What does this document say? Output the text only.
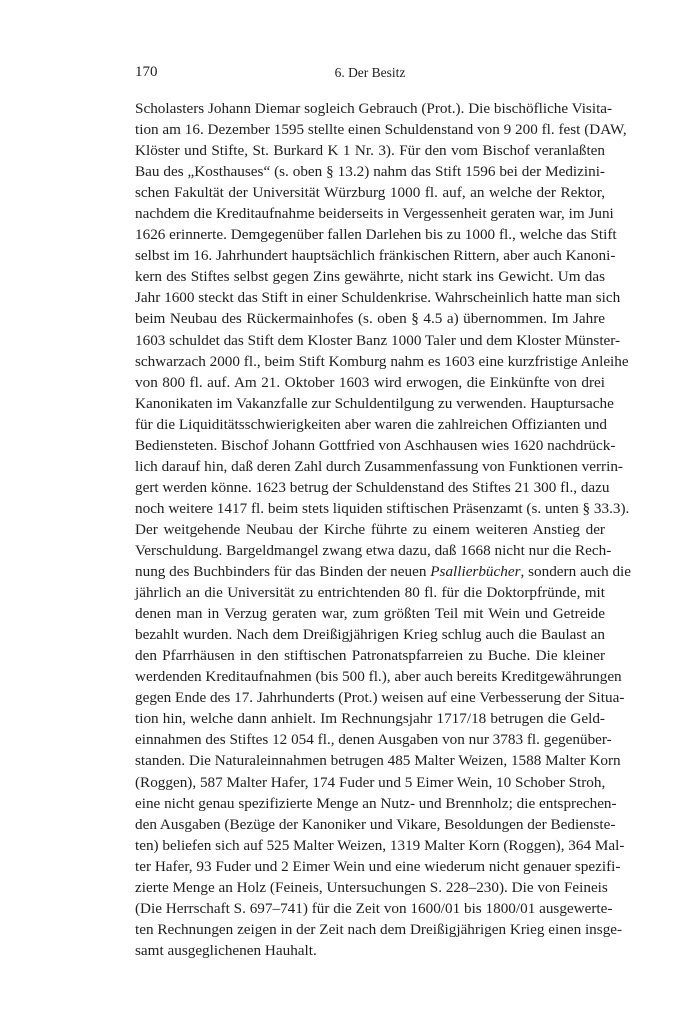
170	6. Der Besitz
Scholasters Johann Diemar sogleich Gebrauch (Prot.). Die bischöfliche Visita-
tion am 16. Dezember 1595 stellte einen Schuldenstand von 9 200 fl. fest (DAW,
Klöster und Stifte, St. Burkard K 1 Nr. 3). Für den vom Bischof veranlaßten
Bau des „Kosthauses“ (s. oben § 13.2) nahm das Stift 1596 bei der Medizini-
schen Fakultät der Universität Würzburg 1000 fl. auf, an welche der Rektor,
nachdem die Kreditaufnahme beiderseits in Vergessenheit geraten war, im Juni
1626 erinnerte. Demgegenüber fallen Darlehen bis zu 1000 fl., welche das Stift
selbst im 16. Jahrhundert hauptsächlich fränkischen Rittern, aber auch Kanoni-
kern des Stiftes selbst gegen Zins gewährte, nicht stark ins Gewicht. Um das
Jahr 1600 steckt das Stift in einer Schuldenkrise. Wahrscheinlich hatte man sich
beim Neubau des Rückermainhofes (s. oben § 4.5 a) übernommen. Im Jahre
1603 schuldet das Stift dem Kloster Banz 1000 Taler und dem Kloster Münster-
schwarzach 2000 fl., beim Stift Komburg nahm es 1603 eine kurzfristige Anleihe
von 800 fl. auf. Am 21. Oktober 1603 wird erwogen, die Einkünfte von drei
Kanonikaten im Vakanzfalle zur Schuldentilgung zu verwenden. Hauptursache
für die Liquiditätsschwierigkeiten aber waren die zahlreichen Offizianten und
Bediensteten. Bischof Johann Gottfried von Aschhausen wies 1620 nachdrück-
lich darauf hin, daß deren Zahl durch Zusammenfassung von Funktionen verrin-
gert werden könne. 1623 betrug der Schuldenstand des Stiftes 21 300 fl., dazu
noch weitere 1417 fl. beim stets liquiden stiftischen Präsenzamt (s. unten § 33.3).
Der weitgehende Neubau der Kirche führte zu einem weiteren Anstieg der
Verschuldung. Bargeldmangel zwang etwa dazu, daß 1668 nicht nur die Rech-
nung des Buchbinders für das Binden der neuen Psallierbücher, sondern auch die
jährlich an die Universität zu entrichtenden 80 fl. für die Doktorpfründe, mit
denen man in Verzug geraten war, zum größten Teil mit Wein und Getreide
bezahlt wurden. Nach dem Dreißigjährigen Krieg schlug auch die Baulast an
den Pfarrhäusen in den stiftischen Patronatspfarreien zu Buche. Die kleiner
werdenden Kreditaufnahmen (bis 500 fl.), aber auch bereits Kreditgewährungen
gegen Ende des 17. Jahrhunderts (Prot.) weisen auf eine Verbesserung der Situa-
tion hin, welche dann anhielt. Im Rechnungsjahr 1717/18 betrugen die Geld-
einnahmen des Stiftes 12 054 fl., denen Ausgaben von nur 3783 fl. gegenüber-
standen. Die Naturaleinnahmen betrugen 485 Malter Weizen, 1588 Malter Korn
(Roggen), 587 Malter Hafer, 174 Fuder und 5 Eimer Wein, 10 Schober Stroh,
eine nicht genau spezifizierte Menge an Nutz- und Brennholz; die entsprechen-
den Ausgaben (Bezüge der Kanoniker und Vikare, Besoldungen der Bedienste-
ten) beliefen sich auf 525 Malter Weizen, 1319 Malter Korn (Roggen), 364 Mal-
ter Hafer, 93 Fuder und 2 Eimer Wein und eine wiederum nicht genauer spezifi-
zierte Menge an Holz (Feineis, Untersuchungen S. 228–230). Die von Feineis
(Die Herrschaft S. 697–741) für die Zeit von 1600/01 bis 1800/01 ausgewerte-
ten Rechnungen zeigen in der Zeit nach dem Dreißigjährigen Krieg einen insge-
samt ausgeglichenen Hauhalt.
